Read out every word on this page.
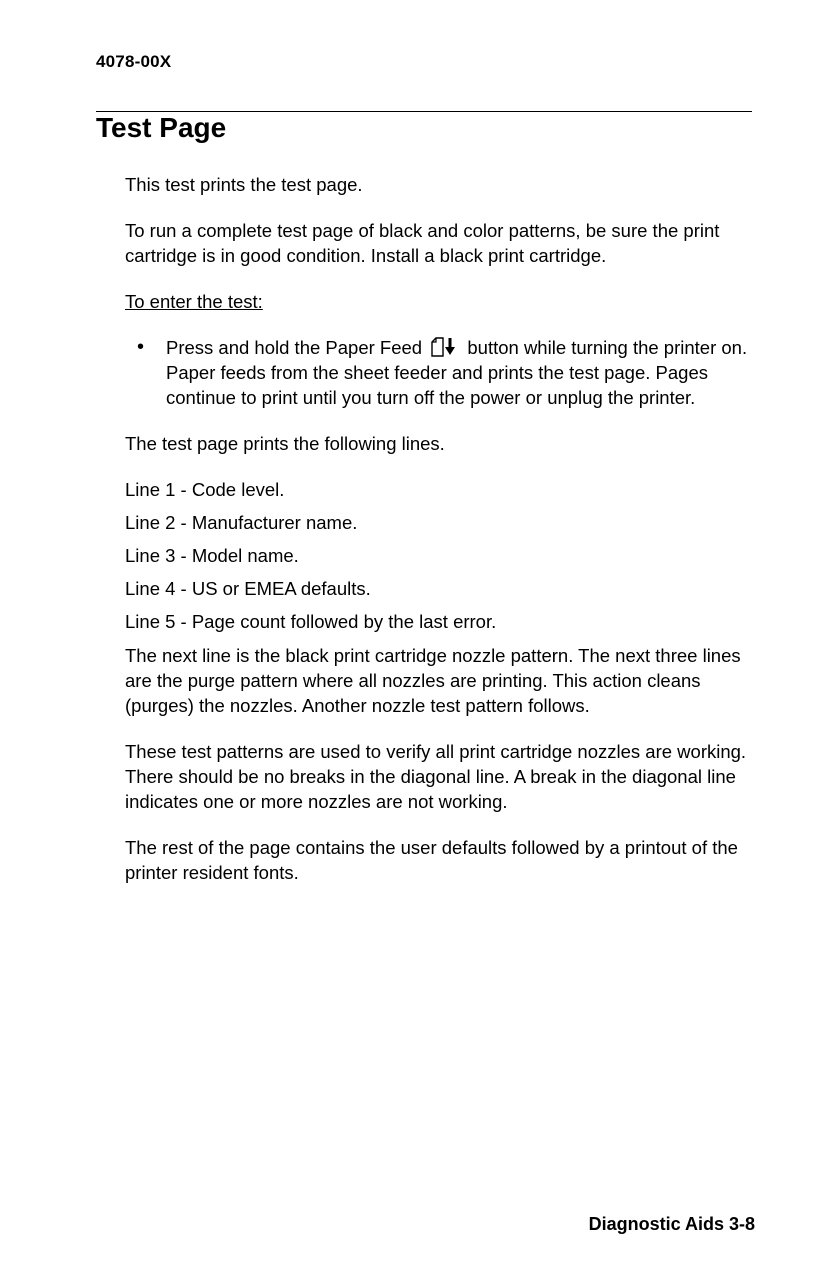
4078-00X
Test Page

This test prints the test page.

To run a complete test page of black and color patterns, be sure the print cartridge is in good condition. Install a black print cartridge.

To enter the test:

• Press and hold the Paper Feed button while turning the printer on. Paper feeds from the sheet feeder and prints the test page. Pages continue to print until you turn off the power or unplug the printer.

The test page prints the following lines.

Line 1 - Code level.

Line 2 - Manufacturer name.

Line 3 - Model name.

Line 4 - US or EMEA defaults.

Line 5 - Page count followed by the last error.

The next line is the black print cartridge nozzle pattern. The next three lines are the purge pattern where all nozzles are printing. This action cleans (purges) the nozzles. Another nozzle test pattern follows.

These test patterns are used to verify all print cartridge nozzles are working. There should be no breaks in the diagonal line. A break in the diagonal line indicates one or more nozzles are not working.

The rest of the page contains the user defaults followed by a printout of the printer resident fonts.

Diagnostic Aids 3-8
